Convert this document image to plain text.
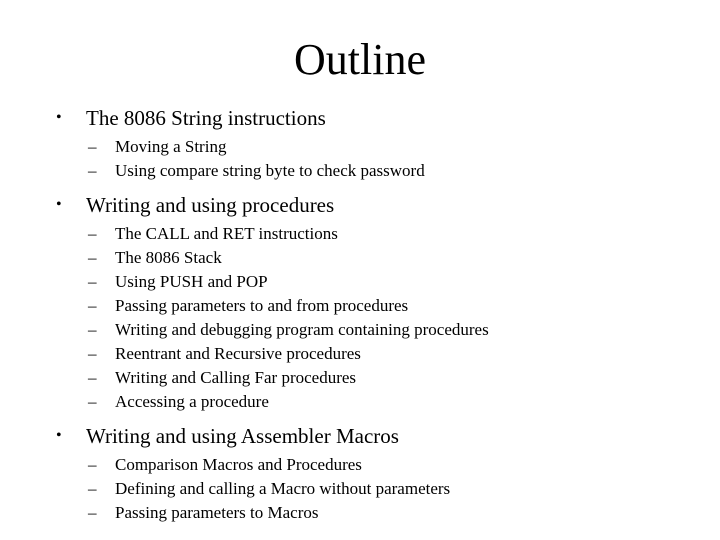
Outline
•	The 8086 String instructions
– Moving a String
– Using compare string byte to check password
•	Writing and using procedures
– The CALL and RET instructions
– The 8086 Stack
– Using PUSH and POP
– Passing parameters to and from procedures
– Writing and debugging program containing procedures
– Reentrant and Recursive procedures
– Writing and Calling Far procedures
– Accessing a procedure
•	Writing and using Assembler Macros
– Comparison Macros and Procedures
– Defining and calling a Macro without parameters
– Passing parameters to Macros
